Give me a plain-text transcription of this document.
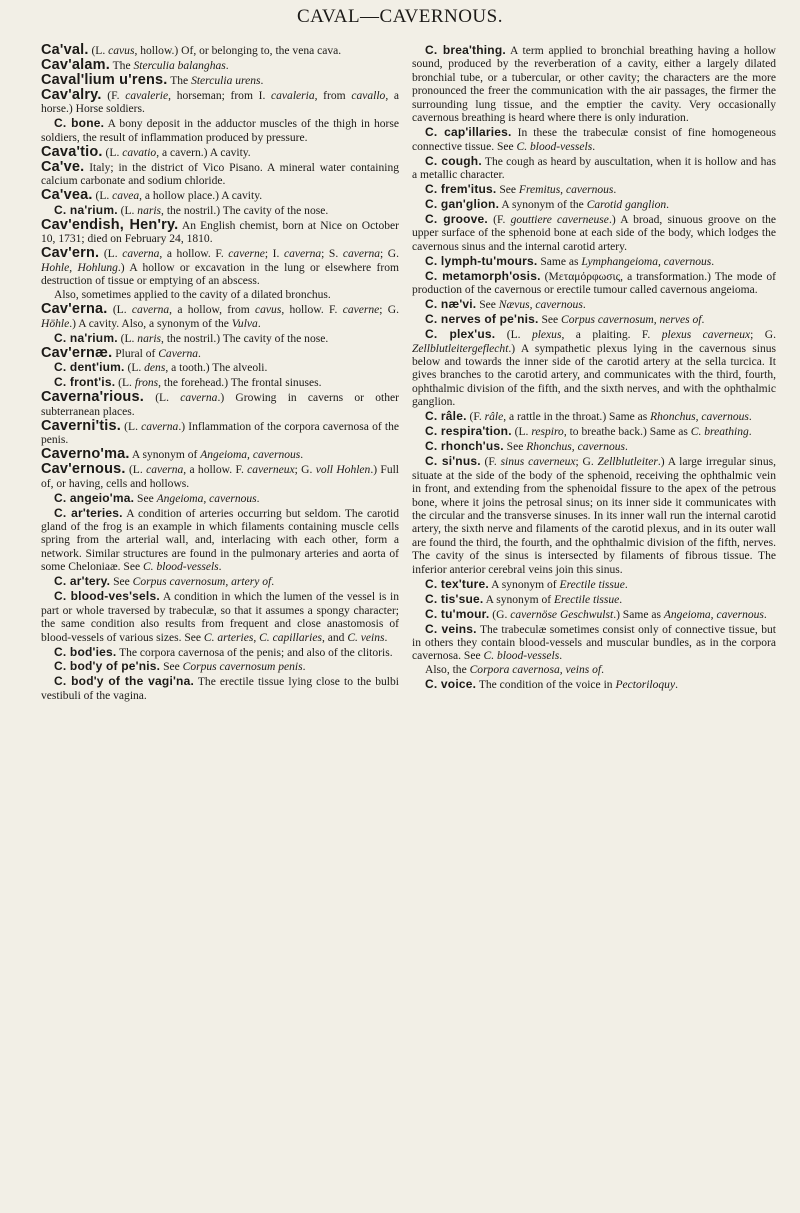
CAVAL—CAVERNOUS.
Ca'val. (L. cavus, hollow.) Of, or belonging to, the vena cava.
Cav'alam. The Sterculia balanghas.
Caval'lium u'rens. The Sterculia urens.
Cav'alry. (F. cavalerie, horseman; from I. cavaleria, from cavallo, a horse.) Horse soldiers.
C. bone. A bony deposit in the adductor muscles of the thigh in horse soldiers, the result of inflammation produced by pressure.
Cava'tio. (L. cavatio, a cavern.) A cavity.
Ca've. Italy; in the district of Vico Pisano. A mineral water containing calcium carbonate and sodium chloride.
Ca'vea. (L. cavea, a hollow place.) A cavity.
C. na'rium. (L. naris, the nostril.) The cavity of the nose.
Cav'endish, Hen'ry. An English chemist, born at Nice on October 10, 1731; died on February 24, 1810.
Cav'ern. (L. caverna, a hollow. F. caverne; I. caverna; S. caverna; G. Hohle, Hohlung.) A hollow or excavation in the lung or elsewhere from destruction of tissue or emptying of an abscess.
Also, sometimes applied to the cavity of a dilated bronchus.
Cav'erna. (L. caverna, a hollow, from cavus, hollow. F. caverne; G. Höhle.) A cavity. Also, a synonym of the Vulva.
C. na'rium. (L. naris, the nostril.) The cavity of the nose.
Cav'ernæ. Plural of Caverna.
C. dent'ium. (L. dens, a tooth.) The alveoli.
C. front'is. (L. frons, the forehead.) The frontal sinuses.
Caverna'rious. (L. caverna.) Growing in caverns or other subterranean places.
Caverni'tis. (L. caverna.) Inflammation of the corpora cavernosa of the penis.
Caverno'ma. A synonym of Angeioma, cavernous.
Cav'ernous. (L. caverna, a hollow. F. caverneux; G. voll Hohlen.) Full of, or having, cells and hollows.
C. angeio'ma. See Angeioma, cavernous.
C. ar'teries. A condition of arteries occurring but seldom. The carotid gland of the frog is an example in which filaments containing muscle cells spring from the arterial wall, and, interlacing with each other, form a network. Similar structures are found in the pulmonary arteries and aorta of some Cheloniaæ. See C. blood-vessels.
C. ar'tery. See Corpus cavernosum, artery of.
C. blood-ves'sels. A condition in which the lumen of the vessel is in part or whole traversed by trabeculæ, so that it assumes a spongy character; the same condition also results from frequent and close anastomosis of blood-vessels of various sizes. See C. arteries, C. capillaries, and C. veins.
C. bod'ies. The corpora cavernosa of the penis; and also of the clitoris.
C. bod'y of pe'nis. See Corpus cavernosum penis.
C. bod'y of the vagi'na. The erectile tissue lying close to the bulbi vestibuli of the vagina.
C. brea'thing. A term applied to bronchial breathing having a hollow sound, produced by the reverberation of a cavity, either a largely dilated bronchial tube, or a tubercular, or other cavity; the characters are the more pronounced the freer the communication with the air passages, the firmer the surrounding lung tissue, and the emptier the cavity. Very occasionally cavernous breathing is heard where there is only induration.
C. cap'illaries. In these the trabeculæ consist of fine homogeneous connective tissue. See C. blood-vessels.
C. cough. The cough as heard by auscultation, when it is hollow and has a metallic character.
C. frem'itus. See Fremitus, cavernous.
C. gan'glion. A synonym of the Carotid ganglion.
C. groove. (F. gouttiere caverneuse.) A broad, sinuous groove on the upper surface of the sphenoid bone at each side of the body, which lodges the cavernous sinus and the internal carotid artery.
C. lymph-tu'mours. Same as Lymphangeioma, cavernous.
C. metamorph'osis. (Μεταμόρφωσις, a transformation.) The mode of production of the cavernous or erectile tumour called cavernous angeioma.
C. næ'vi. See Nævus, cavernous.
C. nerves of pe'nis. See Corpus cavernosum, nerves of.
C. plex'us. (L. plexus, a plaiting. F. plexus caverneux; G. Zellblutleitergeflecht.) A sympathetic plexus lying in the cavernous sinus below and towards the inner side of the carotid artery at the sella turcica. It gives branches to the carotid artery, and communicates with the third, fourth, ophthalmic division of the fifth, and the sixth nerves, and with the ophthalmic ganglion.
C. râle. (F. râle, a rattle in the throat.) Same as Rhonchus, cavernous.
C. respira'tion. (L. respiro, to breathe back.) Same as C. breathing.
C. rhonch'us. See Rhonchus, cavernous.
C. si'nus. (F. sinus caverneux; G. Zellblutleiter.) A large irregular sinus, situate at the side of the body of the sphenoid, receiving the ophthalmic vein in front, and extending from the sphenoidal fissure to the apex of the petrous bone, where it joins the petrosal sinus; on its inner side it communicates with the circular and the transverse sinuses. In its inner wall run the internal carotid artery, the sixth nerve and filaments of the carotid plexus, and in its outer wall are found the third, the fourth, and the ophthalmic division of the fifth, nerves. The cavity of the sinus is intersected by filaments of fibrous tissue. The inferior anterior cerebral veins join this sinus.
C. tex'ture. A synonym of Erectile tissue.
C. tis'sue. A synonym of Erectile tissue.
C. tu'mour. (G. cavernöse Geschwulst.) Same as Angeioma, cavernous.
C. veins. The trabeculæ sometimes consist only of connective tissue, but in others they contain blood-vessels and muscular bundles, as in the corpora cavernosa. See C. blood-vessels.
Also, the Corpora cavernosa, veins of.
C. voice. The condition of the voice in Pectoriloquy.
